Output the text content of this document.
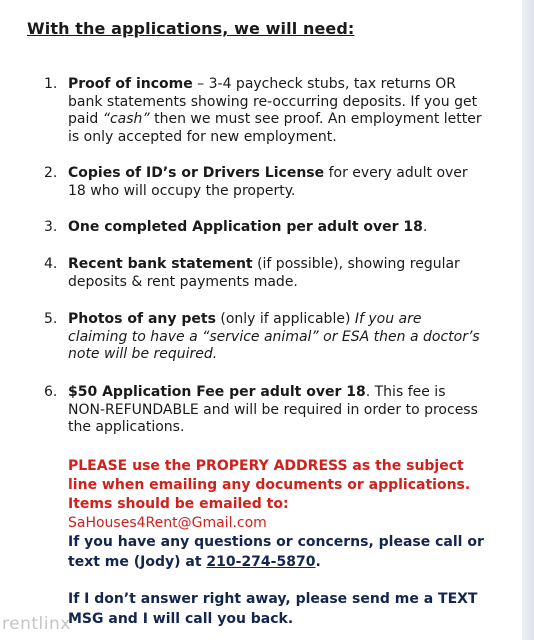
With the applications, we will need:
1. Proof of income – 3-4 paycheck stubs, tax returns OR bank statements showing re-occurring deposits. If you get paid “cash” then we must see proof. An employment letter is only accepted for new employment.
2. Copies of ID’s or Drivers License for every adult over 18 who will occupy the property.
3. One completed Application per adult over 18.
4. Recent bank statement (if possible), showing regular deposits & rent payments made.
5. Photos of any pets (only if applicable) If you are claiming to have a “service animal” or ESA then a doctor’s note will be required.
6. $50 Application Fee per adult over 18. This fee is NON-REFUNDABLE and will be required in order to process the applications.
PLEASE use the PROPERY ADDRESS as the subject line when emailing any documents or applications. Items should be emailed to: SaHouses4Rent@Gmail.com
If you have any questions or concerns, please call or text me (Jody) at 210-274-5870.
If I don’t answer right away, please send me a TEXT MSG and I will call you back.
rentlinx
